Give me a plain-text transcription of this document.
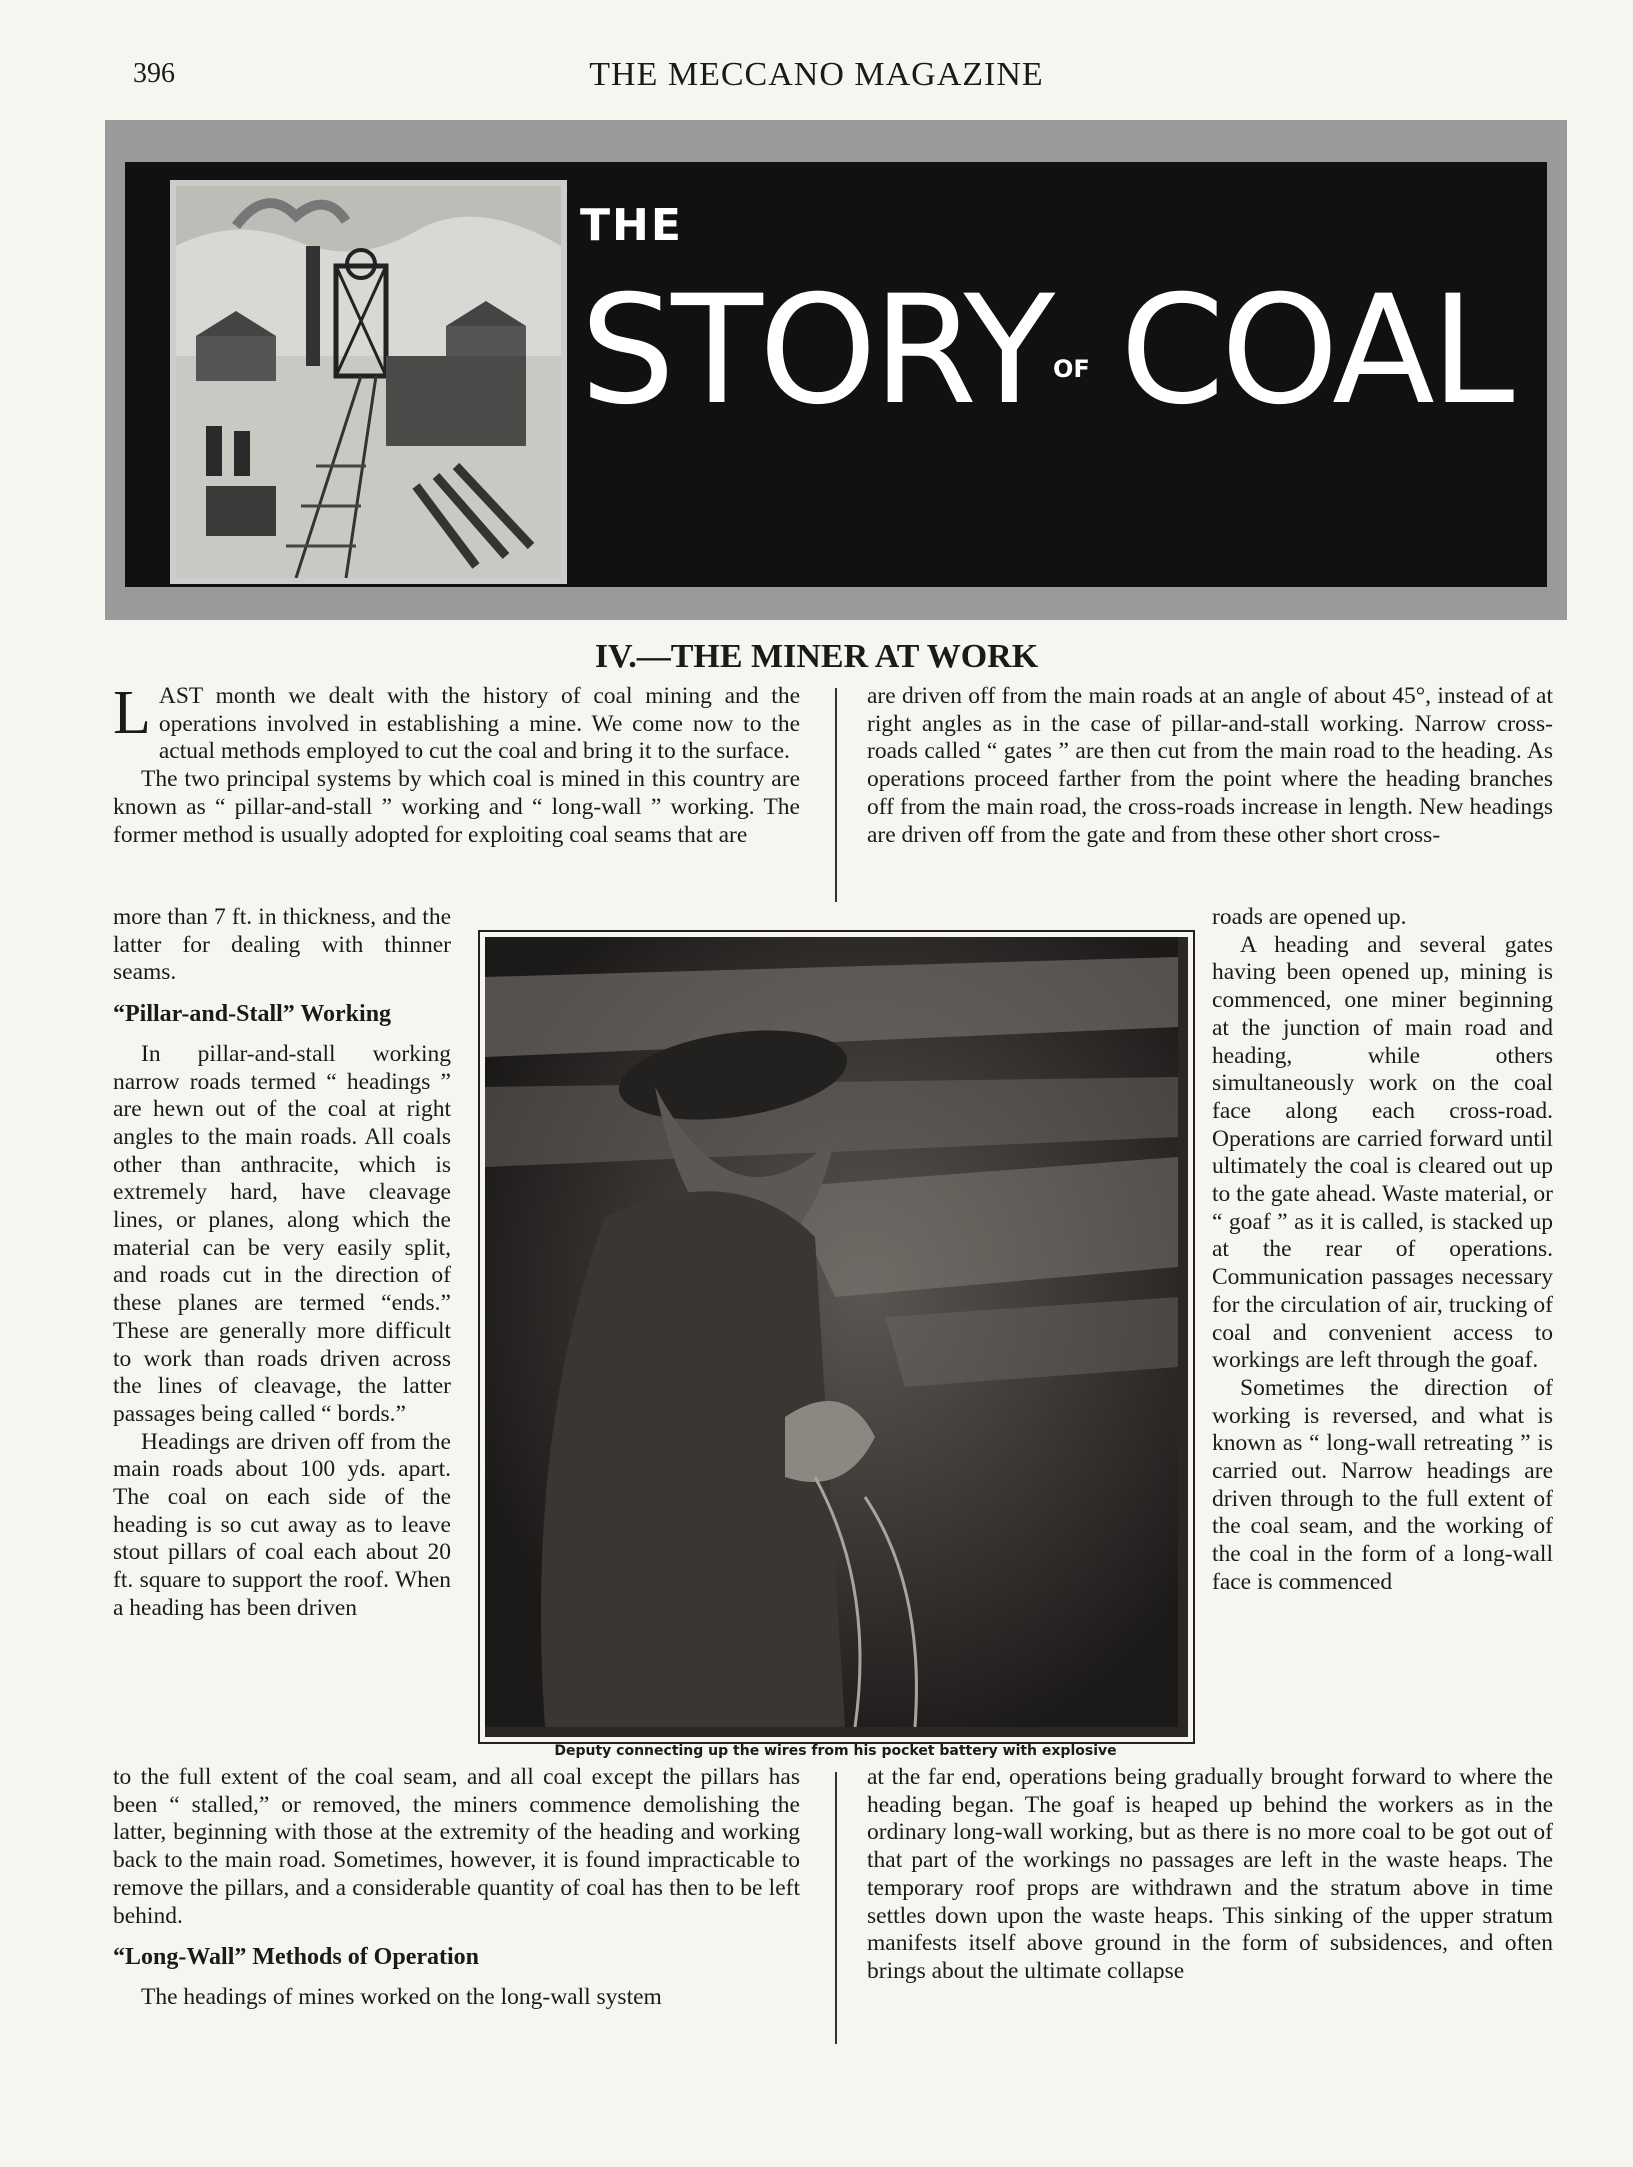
396	THE MECCANO MAGAZINE
THE
STORY OF COAL
IV.—THE MINER AT WORK

L AST month we dealt with the history of coal mining and the operations involved in establishing a mine. We come now to the actual methods employed to cut the coal and bring it to the surface.

The two principal systems by which coal is mined in this country are known as “ pillar-and-stall ” working and “ long-wall ” working. The former method is usually adopted for exploiting coal seams that are

are driven off from the main roads at an angle of about 45°, instead of at right angles as in the case of pillar-and-stall working. Narrow cross-roads called “ gates ” are then cut from the main road to the heading. As operations proceed farther from the point where the heading branches off from the main road, the cross-roads increase in length. New headings are driven off from the gate and from these other short cross-

more than 7 ft. in thickness, and the latter for dealing with thinner seams.

“Pillar-and-Stall” Working

In pillar-and-stall working narrow roads termed “ headings ” are hewn out of the coal at right angles to the main roads. All coals other than anthracite, which is extremely hard, have cleavage lines, or planes, along which the material can be very easily split, and roads cut in the direction of these planes are termed “ends.” These are generally more difficult to work than roads driven across the lines of cleavage, the latter passages being called “ bords.”

Headings are driven off from the main roads about 100 yds. apart. The coal on each side of the heading is so cut away as to leave stout pillars of coal each about 20 ft. square to support the roof. When a heading has been driven

Deputy connecting up the wires from his pocket battery with explosive

roads are opened up.

A heading and several gates having been opened up, mining is commenced, one miner beginning at the junction of main road and heading, while others simultaneously work on the coal face along each cross-road. Operations are carried forward until ultimately the coal is cleared out up to the gate ahead. Waste material, or “ goaf ” as it is called, is stacked up at the rear of operations. Communication passages necessary for the circulation of air, trucking of coal and convenient access to workings are left through the goaf.

Sometimes the direction of working is reversed, and what is known as “ long-wall retreating ” is carried out. Narrow headings are driven through to the full extent of the coal seam, and the working of the coal in the form of a long-wall face is commenced

to the full extent of the coal seam, and all coal except the pillars has been “ stalled,” or removed, the miners commence demolishing the latter, beginning with those at the extremity of the heading and working back to the main road. Sometimes, however, it is found impracticable to remove the pillars, and a considerable quantity of coal has then to be left behind.

“Long-Wall” Methods of Operation

The headings of mines worked on the long-wall system

at the far end, operations being gradually brought forward to where the heading began. The goaf is heaped up behind the workers as in the ordinary long-wall working, but as there is no more coal to be got out of that part of the workings no passages are left in the waste heaps. The temporary roof props are withdrawn and the stratum above in time settles down upon the waste heaps. This sinking of the upper stratum manifests itself above ground in the form of subsidences, and often brings about the ultimate collapse
